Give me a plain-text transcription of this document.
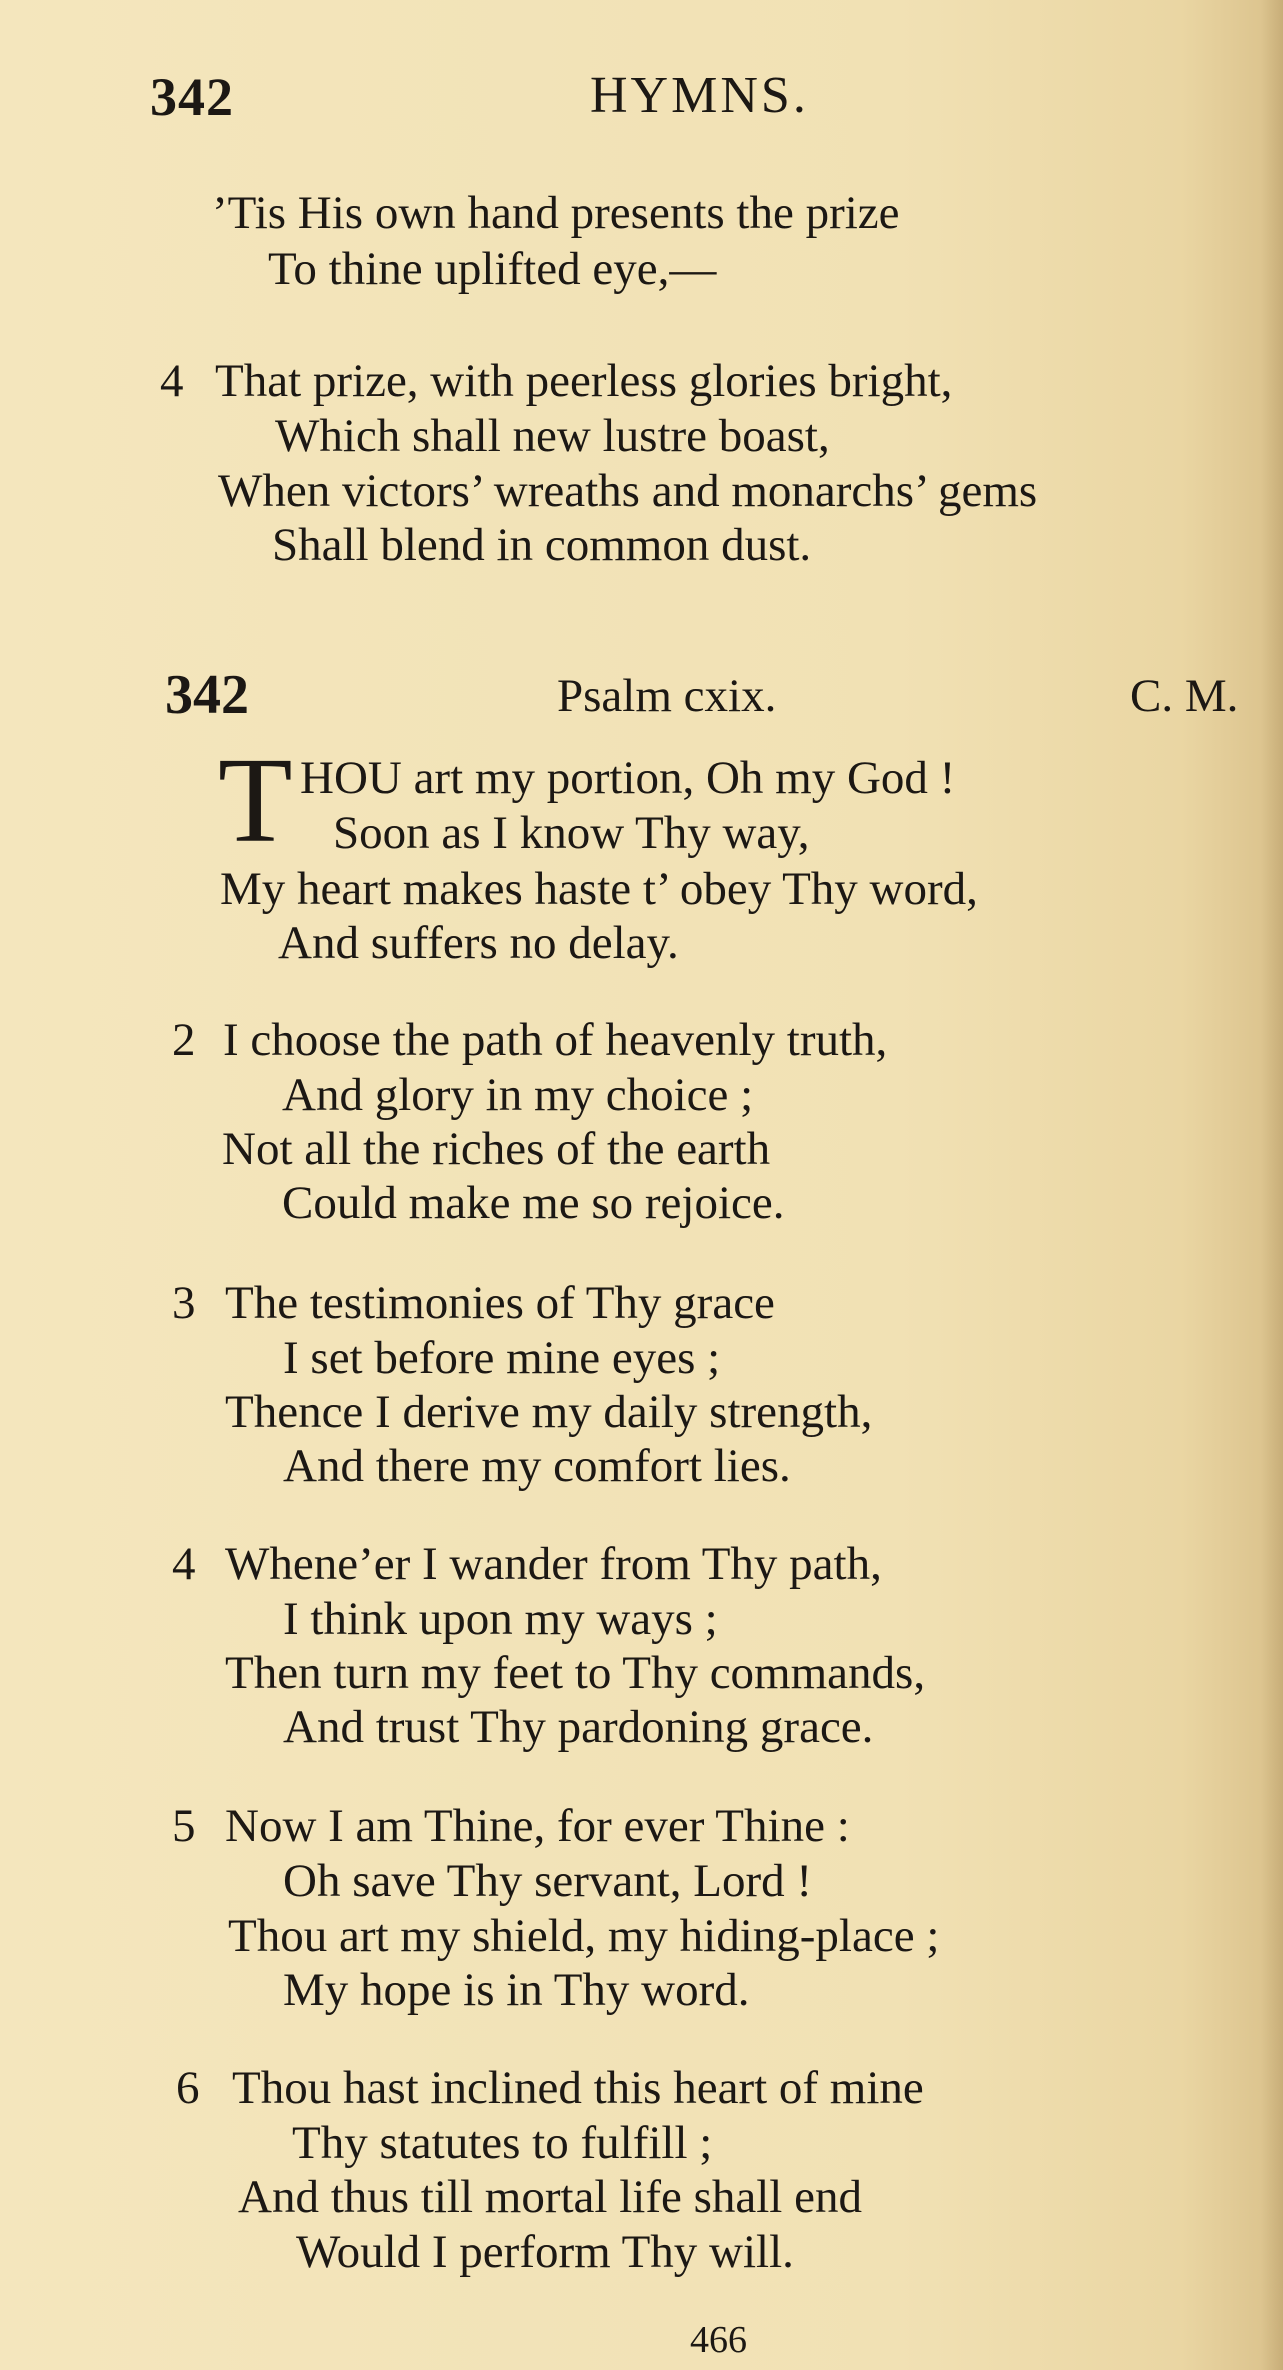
342	HYMNS.
’Tis His own hand presents the prize
To thine uplifted eye,—
4 That prize, with peerless glories bright,
Which shall new lustre boast,
When victors’ wreaths and monarchs’ gems
Shall blend in common dust.
342	Psalm cxix.	C. M.
T HOU art my portion, Oh my God !
Soon as I know Thy way,
My heart makes haste t’ obey Thy word,
And suffers no delay.
2 I choose the path of heavenly truth,
And glory in my choice ;
Not all the riches of the earth
Could make me so rejoice.
3 The testimonies of Thy grace
I set before mine eyes ;
Thence I derive my daily strength,
And there my comfort lies.
4 Whene’er I wander from Thy path,
I think upon my ways ;
Then turn my feet to Thy commands,
And trust Thy pardoning grace.
5 Now I am Thine, for ever Thine :
Oh save Thy servant, Lord !
Thou art my shield, my hiding-place ;
My hope is in Thy word.
6 Thou hast inclined this heart of mine
Thy statutes to fulfill ;
And thus till mortal life shall end
Would I perform Thy will.
466
